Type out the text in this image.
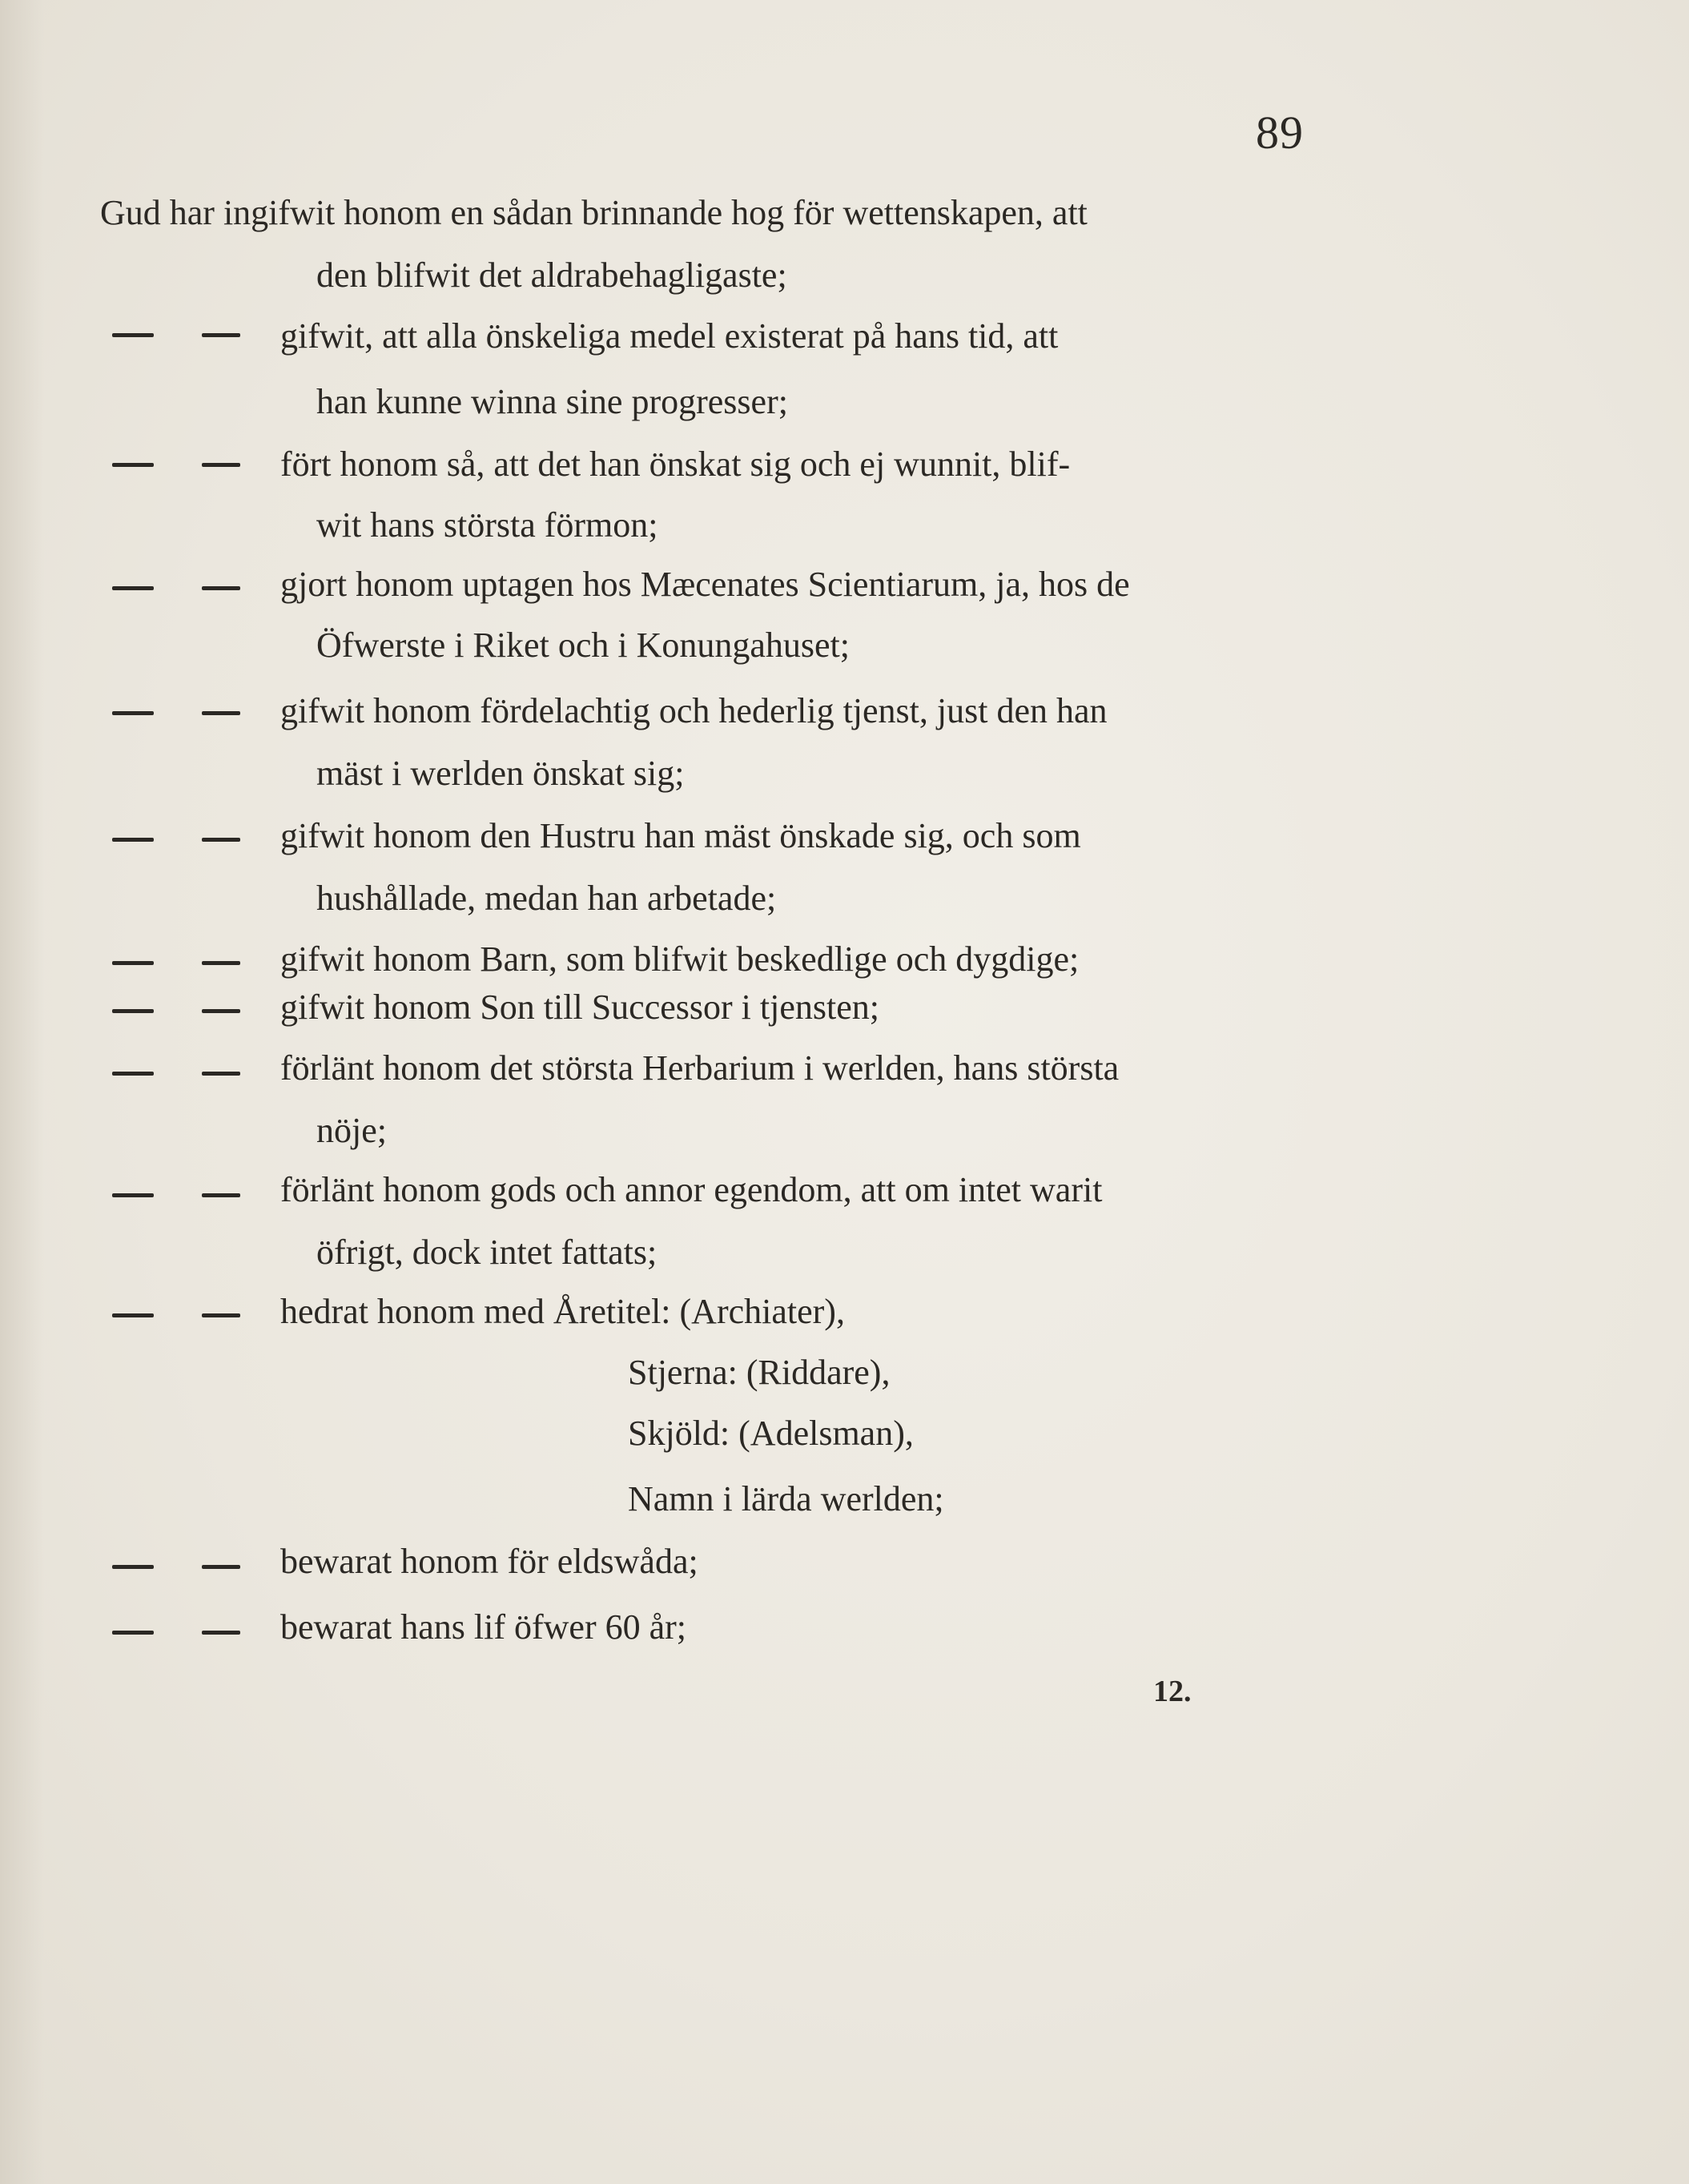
89
Gud har ingifwit honom en sådan brinnande hog för wettenskapen, att
den blifwit det aldrabehagligaste;
gifwit, att alla önskeliga medel existerat på hans tid, att
han kunne winna sine progresser;
fört honom så, att det han önskat sig och ej wunnit, blif-
wit hans största förmon;
gjort honom uptagen hos Mæcenates Scientiarum, ja, hos de
Öfwerste i Riket och i Konungahuset;
gifwit honom fördelachtig och hederlig tjenst, just den han
mäst i werlden önskat sig;
gifwit honom den Hustru han mäst önskade sig, och som
hushållade, medan han arbetade;
gifwit honom Barn, som blifwit beskedlige och dygdige;
gifwit honom Son till Successor i tjensten;
förlänt honom det största Herbarium i werlden, hans största
nöje;
förlänt honom gods och annor egendom, att om intet warit
öfrigt, dock intet fattats;
hedrat honom med Åretitel: (Archiater),
Stjerna: (Riddare),
Skjöld: (Adelsman),
Namn i lärda werlden;
bewarat honom för eldswåda;
bewarat hans lif öfwer 60 år;
12.
